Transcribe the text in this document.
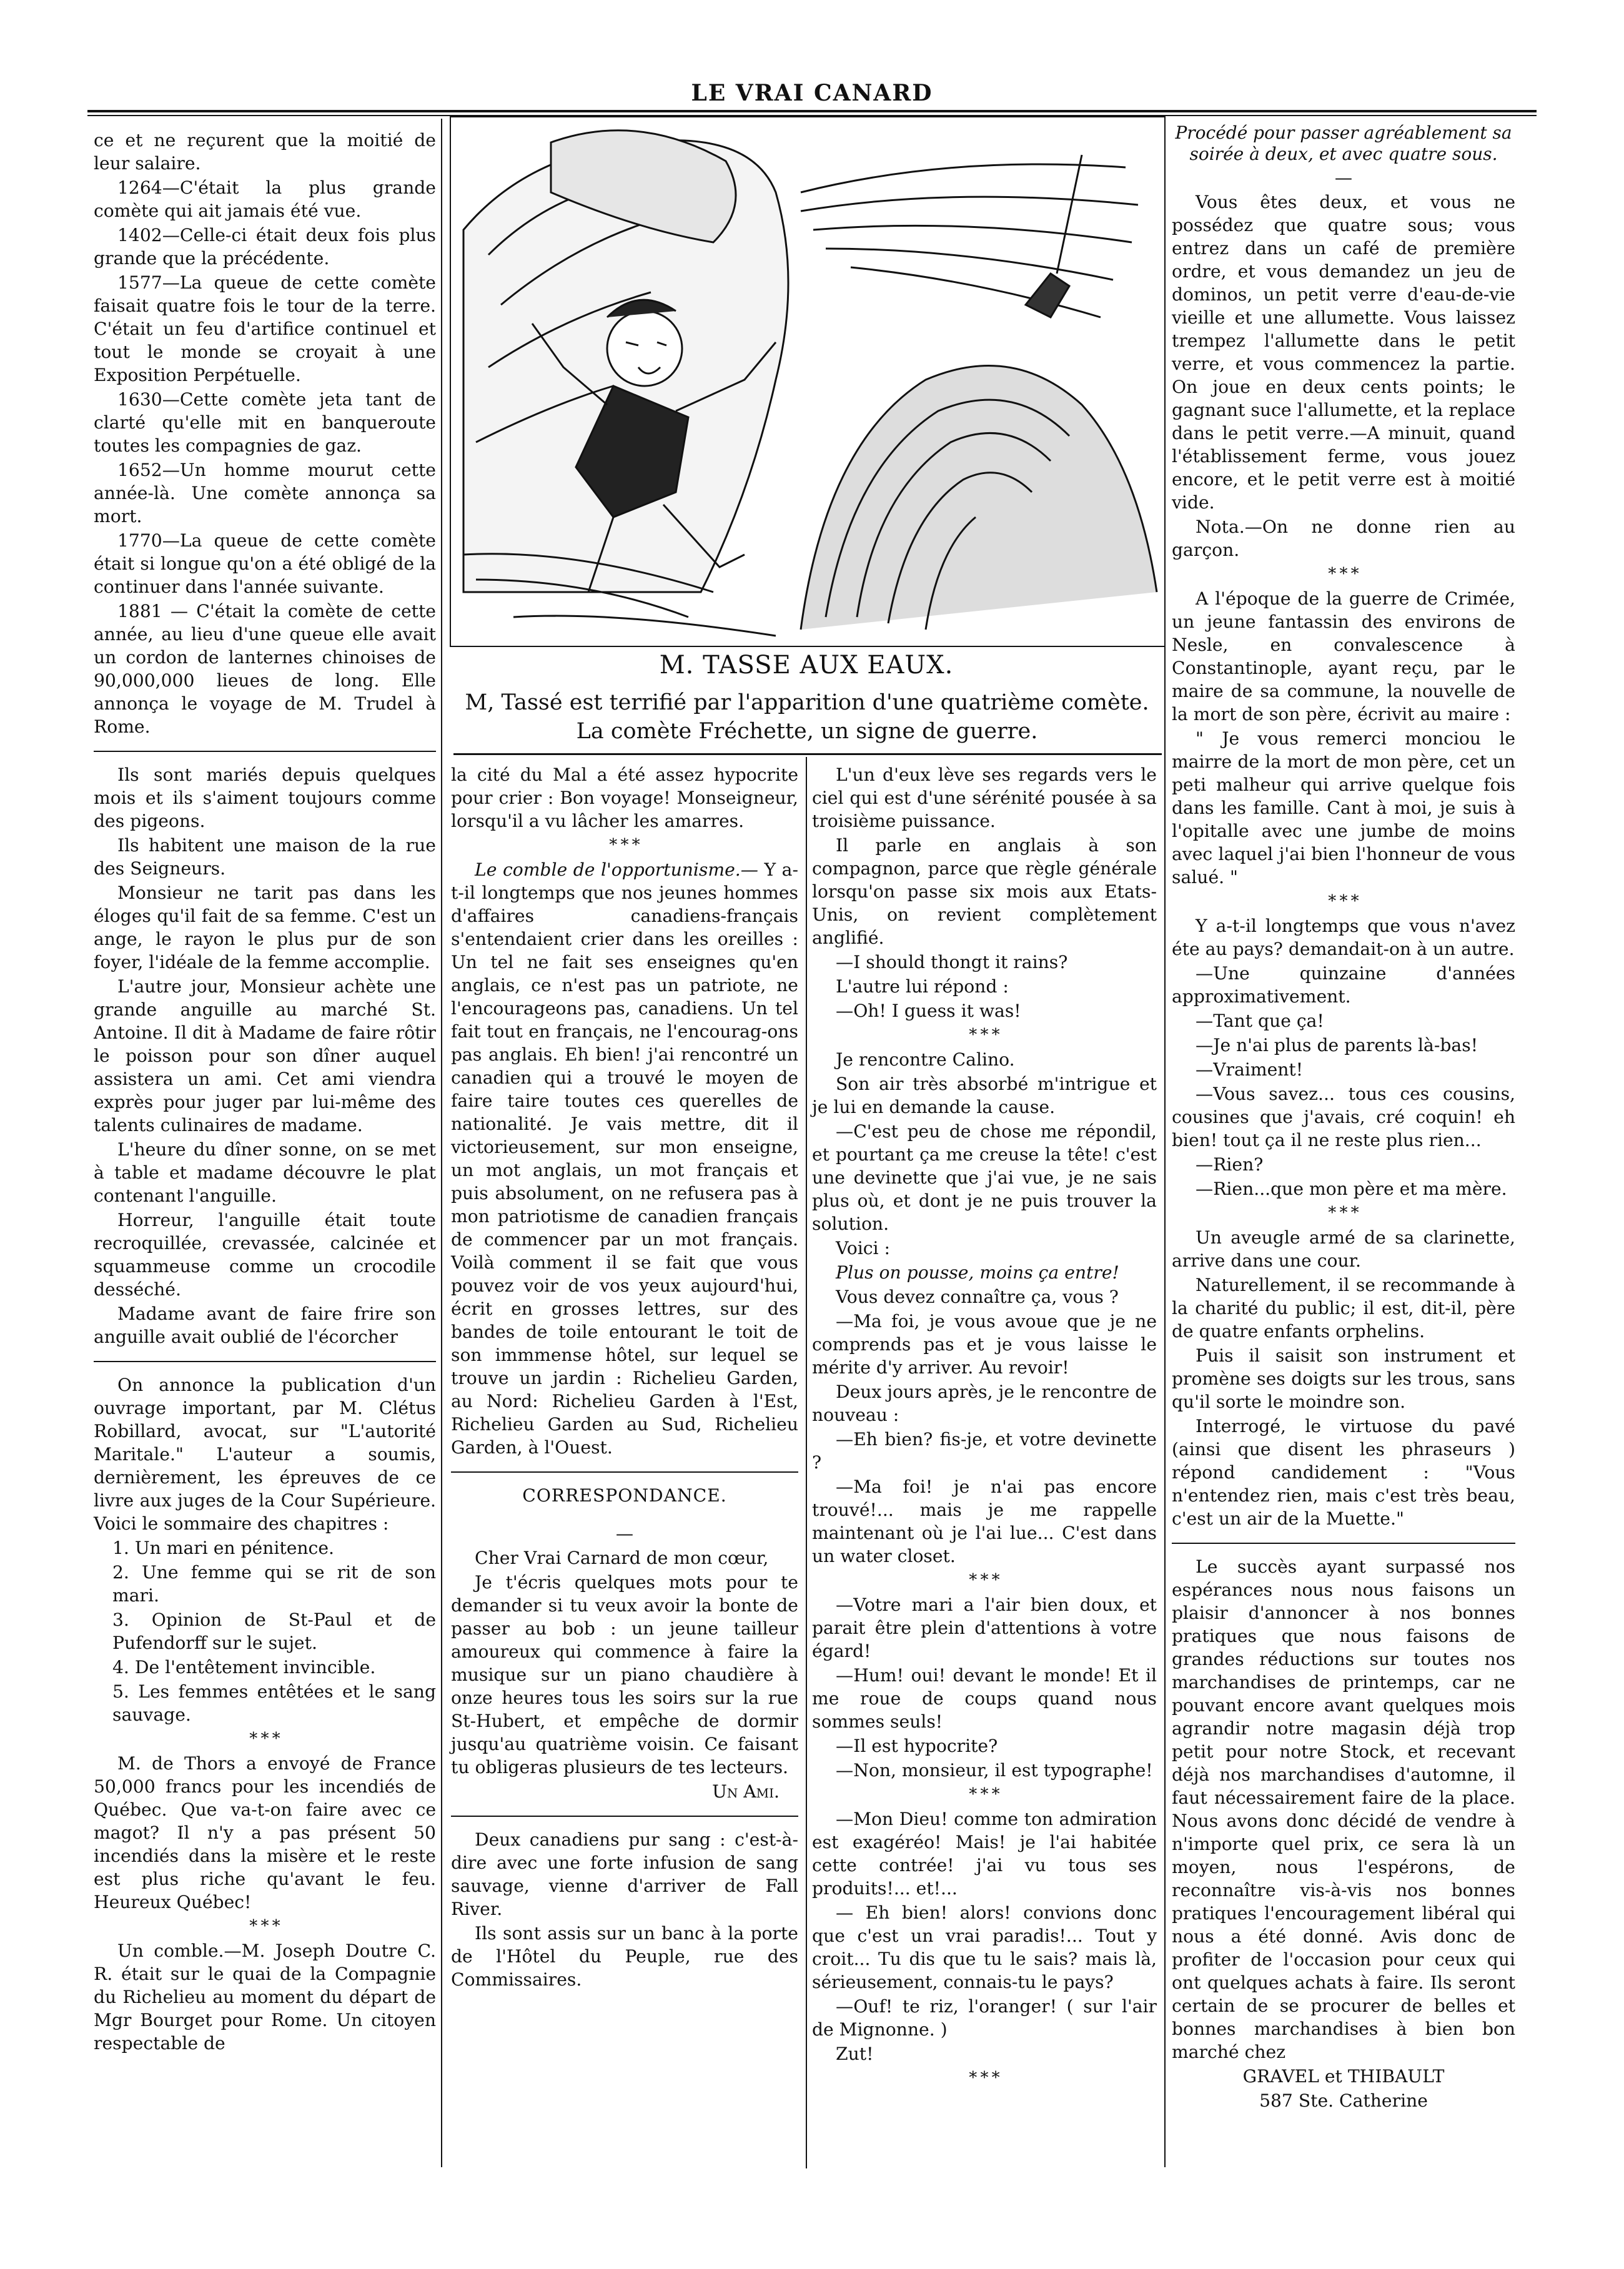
LE VRAI CANARD

ce et ne reçurent que la moitié de leur salaire.

1264—C'était la plus grande comète qui ait jamais été vue.

1402—Celle-ci était deux fois plus grande que la précédente.

1577—La queue de cette comète faisait quatre fois le tour de la terre. C'était un feu d'artifice continuel et tout le monde se croyait à une Exposition Perpétuelle.

1630—Cette comète jeta tant de clarté qu'elle mit en banqueroute toutes les compagnies de gaz.

1652—Un homme mourut cette année-là. Une comète annonça sa mort.

1770—La queue de cette comète était si longue qu'on a été obligé de la continuer dans l'année suivante.

1881 — C'était la comète de cette année, au lieu d'une queue elle avait un cordon de lanternes chinoises de 90,000,000 lieues de long. Elle annonça le voyage de M. Trudel à Rome.

Ils sont mariés depuis quelques mois et ils s'aiment toujours comme des pigeons.

Ils habitent une maison de la rue des Seigneurs.

Monsieur ne tarit pas dans les éloges qu'il fait de sa femme. C'est un ange, le rayon le plus pur de son foyer, l'idéale de la femme accomplie.

L'autre jour, Monsieur achète une grande anguille au marché St. Antoine. Il dit à Madame de faire rôtir le poisson pour son dîner auquel assistera un ami. Cet ami viendra exprès pour juger par lui-même des talents culinaires de madame.

L'heure du dîner sonne, on se met à table et madame découvre le plat contenant l'anguille.

Horreur, l'anguille était toute recroquillée, crevassée, calcinée et squammeuse comme un crocodile desséché.

Madame avant de faire frire son anguille avait oublié de l'écorcher

On annonce la publication d'un ouvrage important, par M. Clétus Robillard, avocat, sur "L'autorité Maritale." L'auteur a soumis, dernièrement, les épreuves de ce livre aux juges de la Cour Supérieure. Voici le sommaire des chapitres :

1. Un mari en pénitence.

2. Une femme qui se rit de son mari.

3. Opinion de St-Paul et de Pufendorff sur le sujet.

4. De l'entêtement invincible.

5. Les femmes entêtées et le sang sauvage.

* * *

M. de Thors a envoyé de France 50,000 francs pour les incendiés de Québec. Que va-t-on faire avec ce magot? Il n'y a pas présent 50 incendiés dans la misère et le reste est plus riche qu'avant le feu. Heureux Québec!

* * *

Un comble.—M. Joseph Doutre C. R. était sur le quai de la Compagnie du Richelieu au moment du départ de Mgr Bourget pour Rome. Un citoyen respectable de

M. TASSE AUX EAUX.
M, Tassé est terrifié par l'apparition d'une quatrième comète. La comète Fréchette, un signe de guerre.

la cité du Mal a été assez hypocrite pour crier : Bon voyage! Monseigneur, lorsqu'il a vu lâcher les amarres.

* * *

Le comble de l'opportunisme.— Y a-t-il longtemps que nos jeunes hommes d'affaires canadiens-français s'entendaient crier dans les oreilles : Un tel ne fait ses enseignes qu'en anglais, ce n'est pas un patriote, ne l'encourageons pas, canadiens. Un tel fait tout en français, ne l'encourag-ons pas anglais. Eh bien! j'ai rencontré un canadien qui a trouvé le moyen de faire taire toutes ces querelles de nationalité. Je vais mettre, dit il victorieusement, sur mon enseigne, un mot anglais, un mot français et puis absolument, on ne refusera pas à mon patriotisme de canadien français de commencer par un mot français. Voilà comment il se fait que vous pouvez voir de vos yeux aujourd'hui, écrit en grosses lettres, sur des bandes de toile entourant le toit de son immmense hôtel, sur lequel se trouve un jardin : Richelieu Garden, au Nord: Richelieu Garden à l'Est, Richelieu Garden au Sud, Richelieu Garden, à l'Ouest.

CORRESPONDANCE.

—

Cher Vrai Carnard de mon cœur,

Je t'écris quelques mots pour te demander si tu veux avoir la bonte de passer au bob : un jeune tailleur amoureux qui commence à faire la musique sur un piano chaudière à onze heures tous les soirs sur la rue St-Hubert, et empêche de dormir jusqu'au quatrième voisin. Ce faisant tu obligeras plusieurs de tes lecteurs.

Un Ami.

Deux canadiens pur sang : c'est-à-dire avec une forte infusion de sang sauvage, vienne d'arriver de Fall River.

Ils sont assis sur un banc à la porte de l'Hôtel du Peuple, rue des Commissaires.

L'un d'eux lève ses regards vers le ciel qui est d'une sérénité pousée à sa troisième puissance.

Il parle en anglais à son compagnon, parce que règle générale lorsqu'on passe six mois aux Etats-Unis, on revient complètement anglifié.

—I should thongt it rains?

L'autre lui répond :

—Oh! I guess it was!

* * *

Je rencontre Calino.

Son air très absorbé m'intrigue et je lui en demande la cause.

—C'est peu de chose me répondil, et pourtant ça me creuse la tête! c'est une devinette que j'ai vue, je ne sais plus où, et dont je ne puis trouver la solution.

Voici :

Plus on pousse, moins ça entre!

Vous devez connaître ça, vous ?

—Ma foi, je vous avoue que je ne comprends pas et je vous laisse le mérite d'y arriver. Au revoir!

Deux jours après, je le rencontre de nouveau :

—Eh bien? fis-je, et votre devinette ?

—Ma foi! je n'ai pas encore trouvé!... mais je me rappelle maintenant où je l'ai lue... C'est dans un water closet.

* * *

—Votre mari a l'air bien doux, et parait être plein d'attentions à votre égard!

—Hum! oui! devant le monde! Et il me roue de coups quand nous sommes seuls!

—Il est hypocrite?

—Non, monsieur, il est typographe!

* * *

—Mon Dieu! comme ton admiration est exagéréo! Mais! je l'ai habitée cette contrée! j'ai vu tous ses produits!... et!...

— Eh bien! alors! convions donc que c'est un vrai paradis!... Tout y croit... Tu dis que tu le sais? mais là, sérieusement, connais-tu le pays?

—Ouf! te riz, l'oranger! ( sur l'air de Mignonne. )

Zut!

* * *

Procédé pour passer agréablement sa soirée à deux, et avec quatre sous.

—

Vous êtes deux, et vous ne possédez que quatre sous; vous entrez dans un café de première ordre, et vous demandez un jeu de dominos, un petit verre d'eau-de-vie vieille et une allumette. Vous laissez trempez l'allumette dans le petit verre, et vous commencez la partie. On joue en deux cents points; le gagnant suce l'allumette, et la replace dans le petit verre.—A minuit, quand l'établissement ferme, vous jouez encore, et le petit verre est à moitié vide.

Nota.—On ne donne rien au garçon.

* * *

A l'époque de la guerre de Crimée, un jeune fantassin des environs de Nesle, en convalescence à Constantinople, ayant reçu, par le maire de sa commune, la nouvelle de la mort de son père, écrivit au maire :

" Je vous remerci monciou le mairre de la mort de mon père, cet un peti malheur qui arrive quelque fois dans les famille. Cant à moi, je suis à l'opitalle avec une jumbe de moins avec laquel j'ai bien l'honneur de vous salué. "

* * *

Y a-t-il longtemps que vous n'avez éte au pays? demandait-on à un autre.

—Une quinzaine d'années approximativement.

—Tant que ça!

—Je n'ai plus de parents là-bas!

—Vraiment!

—Vous savez... tous ces cousins, cousines que j'avais, cré coquin! eh bien! tout ça il ne reste plus rien...

—Rien?

—Rien...que mon père et ma mère.

* * *

Un aveugle armé de sa clarinette, arrive dans une cour.

Naturellement, il se recommande à la charité du public; il est, dit-il, père de quatre enfants orphelins.

Puis il saisit son instrument et promène ses doigts sur les trous, sans qu'il sorte le moindre son.

Interrogé, le virtuose du pavé (ainsi que disent les phraseurs ) répond candidement : "Vous n'entendez rien, mais c'est très beau, c'est un air de la Muette."

Le succès ayant surpassé nos espérances nous nous faisons un plaisir d'annoncer à nos bonnes pratiques que nous faisons de grandes réductions sur toutes nos marchandises de printemps, car ne pouvant encore avant quelques mois agrandir notre magasin déjà trop petit pour notre Stock, et recevant déjà nos marchandises d'automne, il faut nécessairement faire de la place. Nous avons donc décidé de vendre à n'importe quel prix, ce sera là un moyen, nous l'espérons, de reconnaître vis-à-vis nos bonnes pratiques l'encouragement libéral qui nous a été donné. Avis donc de profiter de l'occasion pour ceux qui ont quelques achats à faire. Ils seront certain de se procurer de belles et bonnes marchandises à bien bon marché chez

GRAVEL et THIBAULT

587 Ste. Catherine
